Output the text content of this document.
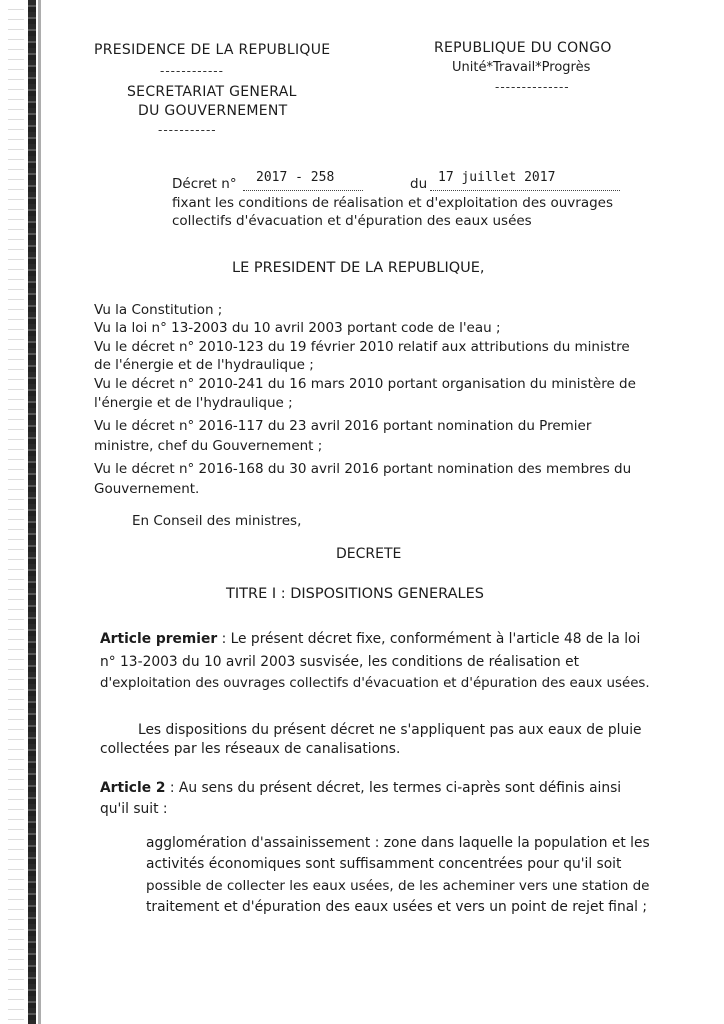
PRESIDENCE DE LA REPUBLIQUE
------------
SECRETARIAT GENERAL
DU GOUVERNEMENT
-----------
REPUBLIQUE DU CONGO
Unité*Travail*Progrès
--------------
Décret n° 2017 - 258	du 17 juillet 2017
fixant les conditions de réalisation et d'exploitation des ouvrages
collectifs d'évacuation et d'épuration des eaux usées
LE PRESIDENT DE LA REPUBLIQUE,
Vu la Constitution ;
Vu la loi n° 13-2003 du 10 avril 2003 portant code de l'eau ;
Vu le décret n° 2010-123 du 19 février 2010 relatif aux attributions du ministre
de l'énergie et de l'hydraulique ;
Vu le décret n° 2010-241 du 16 mars 2010 portant organisation du ministère de
l'énergie et de l'hydraulique ;
Vu le décret n° 2016-117 du 23 avril 2016 portant nomination du Premier
ministre, chef du Gouvernement ;
Vu le décret n° 2016-168 du 30 avril 2016 portant nomination des membres du
Gouvernement.
En Conseil des ministres,
DECRETE
TITRE I : DISPOSITIONS GENERALES
Article premier : Le présent décret fixe, conformément à l'article 48 de la loi
n° 13-2003 du 10 avril 2003 susvisée, les conditions de réalisation et
d'exploitation des ouvrages collectifs d'évacuation et d'épuration des eaux usées.
Les dispositions du présent décret ne s'appliquent pas aux eaux de pluie
collectées par les réseaux de canalisations.
Article 2 : Au sens du présent décret, les termes ci-après sont définis ainsi
qu'il suit :
agglomération d'assainissement : zone dans laquelle la population et les
activités économiques sont suffisamment concentrées pour qu'il soit
possible de collecter les eaux usées, de les acheminer vers une station de
traitement et d'épuration des eaux usées et vers un point de rejet final ;
